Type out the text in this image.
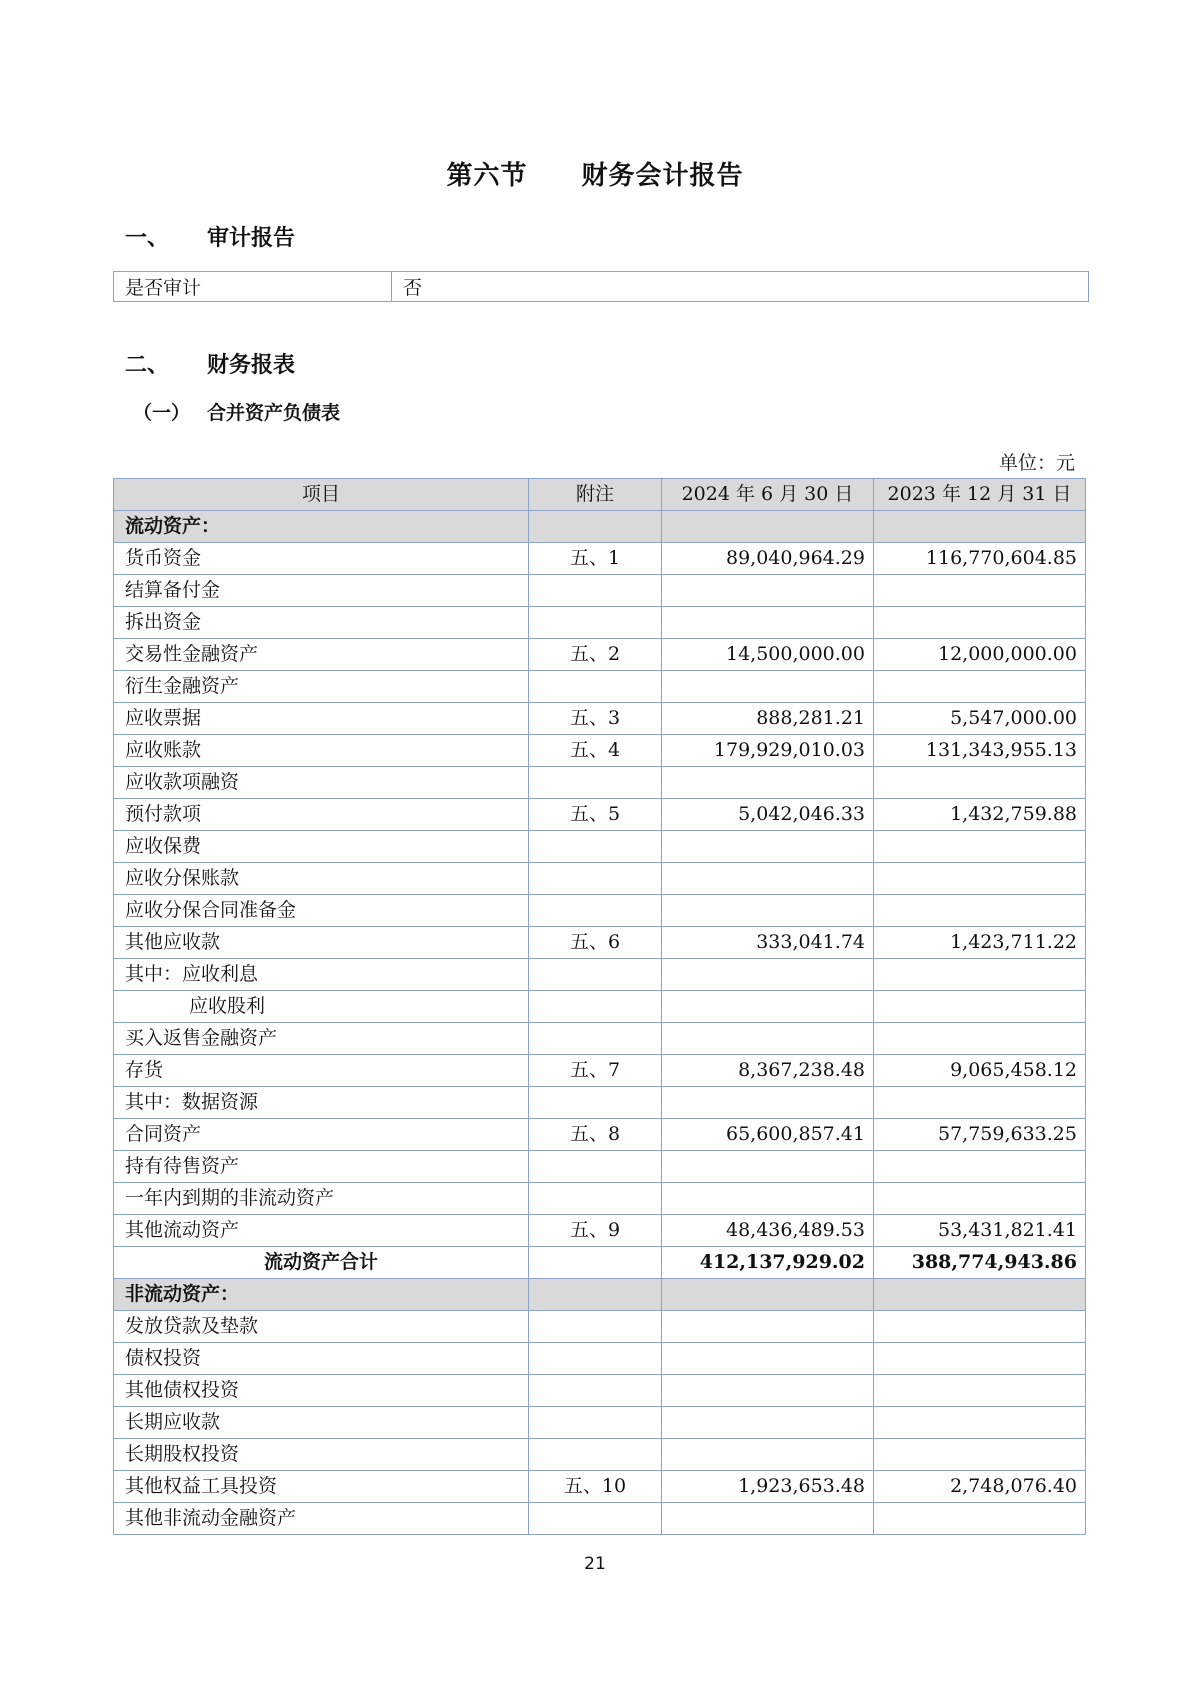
第六节　　财务会计报告
一、 审计报告
是否审计	否
二、 财务报表
（一） 合并资产负债表
单位：元
项目	附注	2024 年 6 月 30 日	2023 年 12 月 31 日
流动资产：			
货币资金	五、1	89,040,964.29	116,770,604.85
结算备付金			
拆出资金			
交易性金融资产	五、2	14,500,000.00	12,000,000.00
衍生金融资产			
应收票据	五、3	888,281.21	5,547,000.00
应收账款	五、4	179,929,010.03	131,343,955.13
应收款项融资			
预付款项	五、5	5,042,046.33	1,432,759.88
应收保费			
应收分保账款			
应收分保合同准备金			
其他应收款	五、6	333,041.74	1,423,711.22
其中：应收利息			
应收股利			
买入返售金融资产			
存货	五、7	8,367,238.48	9,065,458.12
其中：数据资源			
合同资产	五、8	65,600,857.41	57,759,633.25
持有待售资产			
一年内到期的非流动资产			
其他流动资产	五、9	48,436,489.53	53,431,821.41
流动资产合计		412,137,929.02	388,774,943.86
非流动资产：			
发放贷款及垫款			
债权投资			
其他债权投资			
长期应收款			
长期股权投资			
其他权益工具投资	五、10	1,923,653.48	2,748,076.40
其他非流动金融资产			
21
